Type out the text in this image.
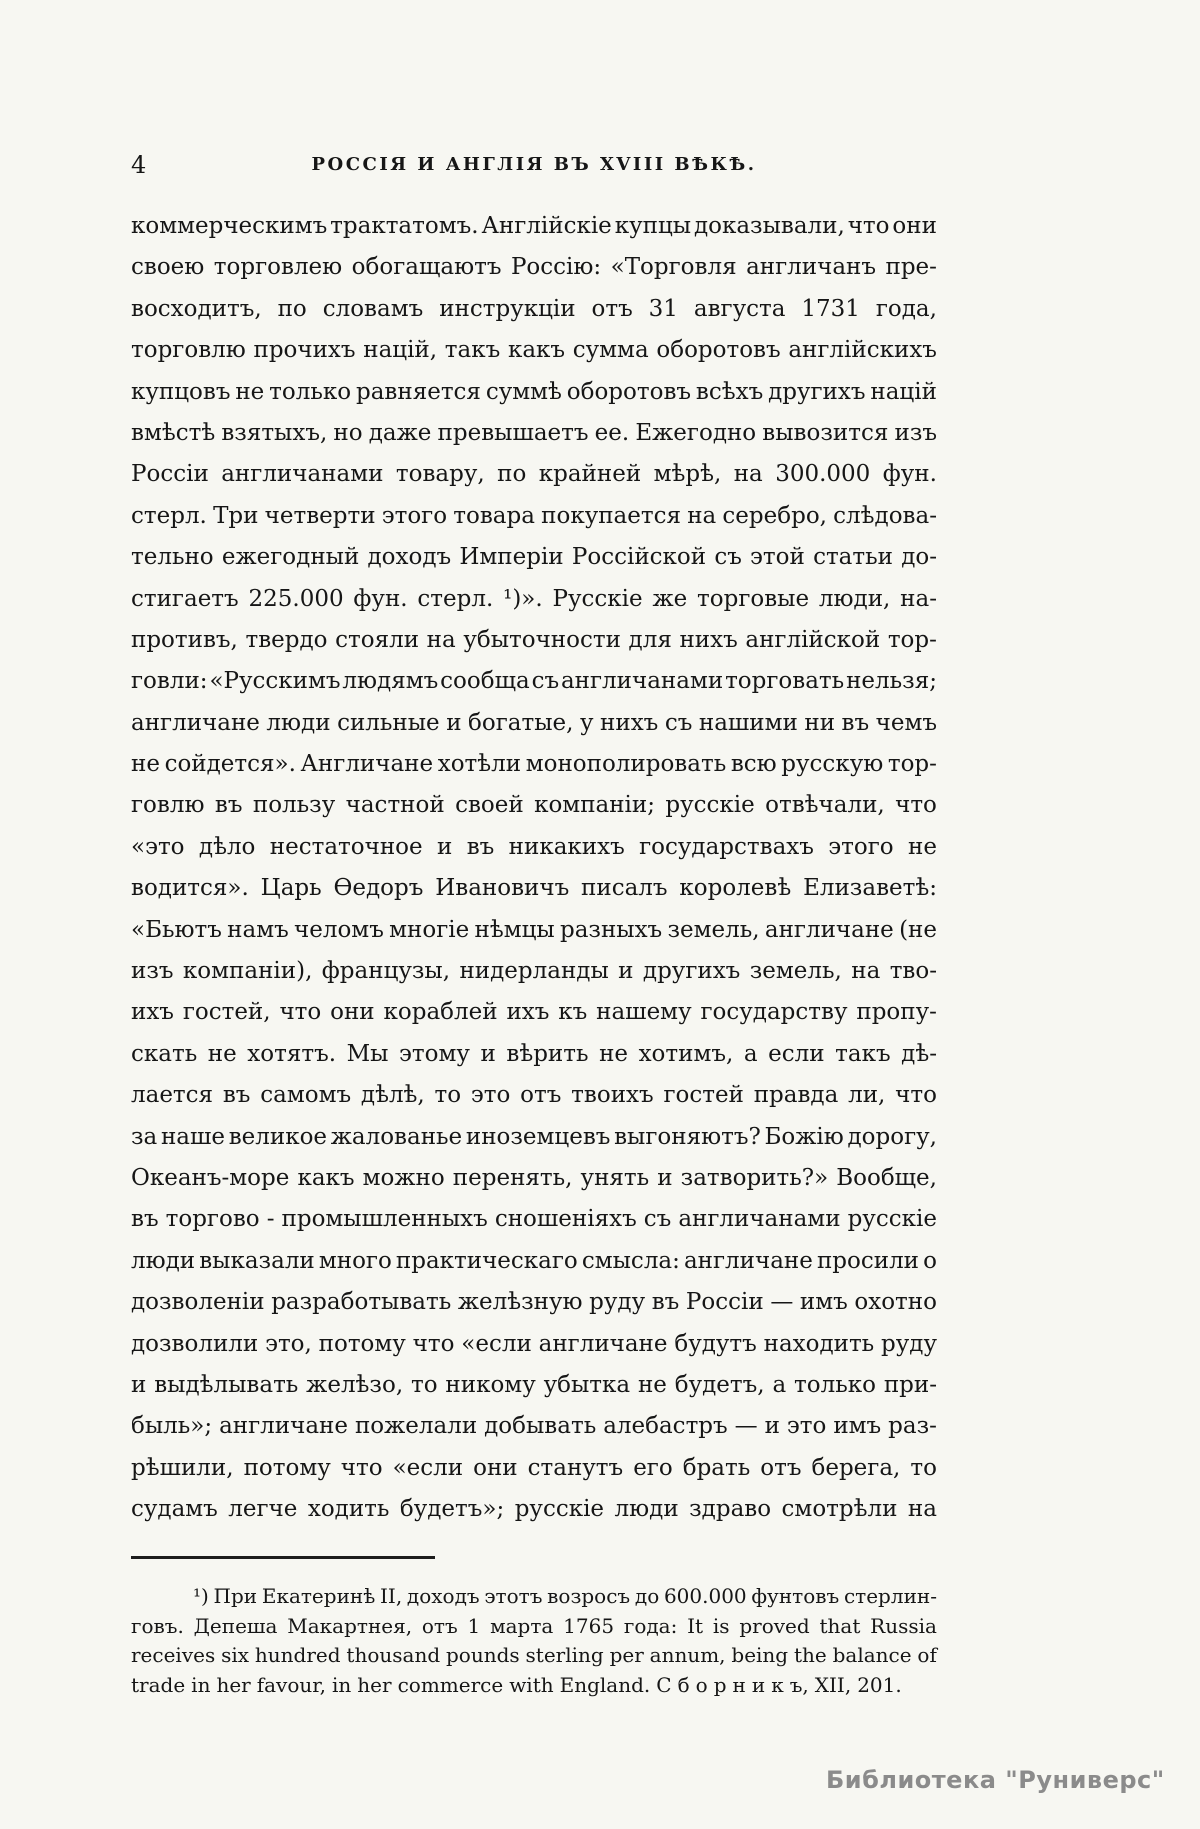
4	РОССІЯ И АНГЛІЯ ВЪ XVIII ВѢКѢ.
коммерческимъ трактатомъ. Англійскіе купцы доказывали, что они
своею торговлею обогащаютъ Россію: «Торговля англичанъ пре-
восходитъ, по словамъ инструкціи отъ 31 августа 1731 года,
торговлю прочихъ націй, такъ какъ сумма оборотовъ англійскихъ
купцовъ не только равняется суммѣ оборотовъ всѣхъ другихъ націй
вмѣстѣ взятыхъ, но даже превышаетъ ее. Ежегодно вывозится изъ
Россіи англичанами товару, по крайней мѣрѣ, на 300.000 фун.
стерл. Три четверти этого товара покупается на серебро, слѣдова-
тельно ежегодный доходъ Имперіи Россійской съ этой статьи до-
стигаетъ 225.000 фун. стерл. ¹)». Русскіе же торговые люди, на-
противъ, твердо стояли на убыточности для нихъ англійской тор-
говли: «Русскимъ людямъ сообща съ англичанами торговать нельзя;
англичане люди сильные и богатые, у нихъ съ нашими ни въ чемъ
не сойдется». Англичане хотѣли монополировать всю русскую тор-
говлю въ пользу частной своей компаніи; русскіе отвѣчали, что
«это дѣло нестаточное и въ никакихъ государствахъ этого не
водится». Царь Ѳедоръ Ивановичъ писалъ королевѣ Елизаветѣ:
«Бьютъ намъ челомъ многіе нѣмцы разныхъ земель, англичане (не
изъ компаніи), французы, нидерланды и другихъ земель, на тво-
ихъ гостей, что они кораблей ихъ къ нашему государству пропу-
скать не хотятъ. Мы этому и вѣрить не хотимъ, а если такъ дѣ-
лается въ самомъ дѣлѣ, то это отъ твоихъ гостей правда ли, что
за наше великое жалованье иноземцевъ выгоняютъ? Божію дорогу,
Океанъ-море какъ можно перенять, унять и затворить?» Вообще,
въ торгово - промышленныхъ сношеніяхъ съ англичанами русскіе
люди выказали много практическаго смысла: англичане просили о
дозволеніи разработывать желѣзную руду въ Россіи — имъ охотно
дозволили это, потому что «если англичане будутъ находить руду
и выдѣлывать желѣзо, то никому убытка не будетъ, а только при-
быль»; англичане пожелали добывать алебастръ — и это имъ раз-
рѣшили, потому что «если они станутъ его брать отъ берега, то
судамъ легче ходить будетъ»; русскіе люди здраво смотрѣли на
¹) При Екатеринѣ II, доходъ этотъ возросъ до 600.000 фунтовъ стерлин-
говъ. Депеша Макартнея, отъ 1 марта 1765 года: It is proved that Russia
receives six hundred thousand pounds sterling per annum, being the balance of
trade in her favour, in her commerce with England. С б о р н и к ъ, XII, 201.
Библиотека "Руниверс"
